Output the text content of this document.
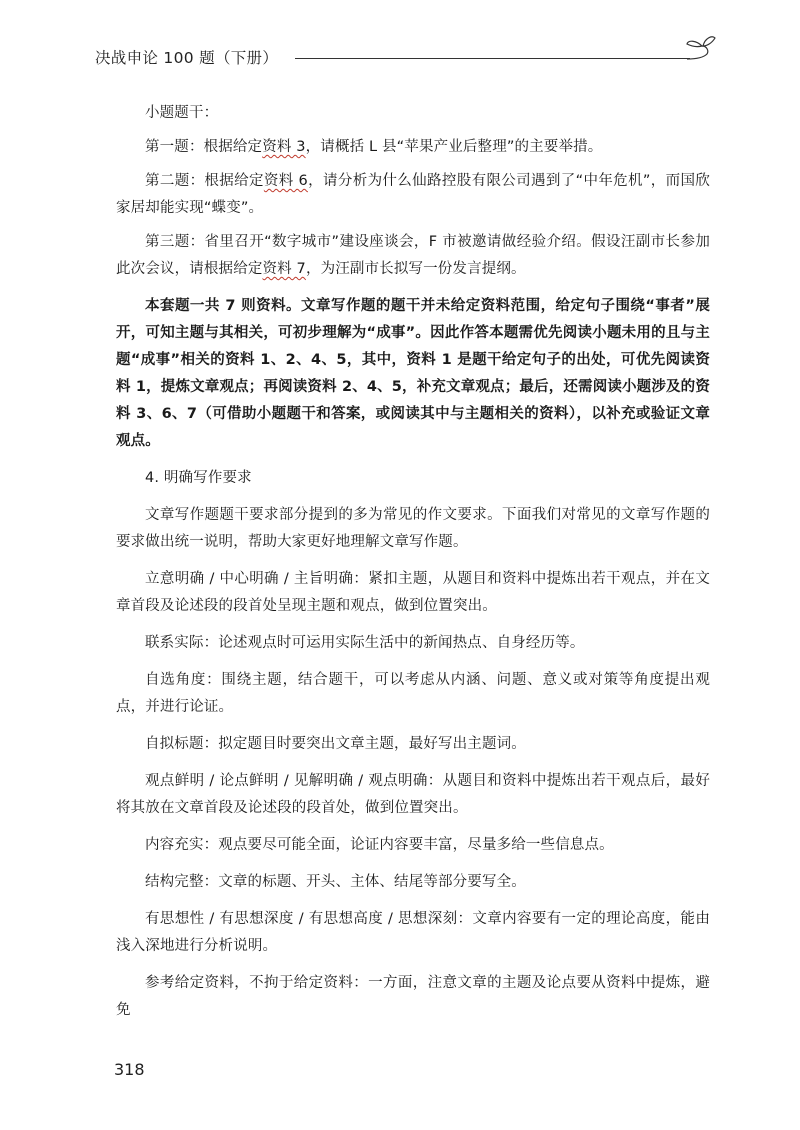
决战申论 100 题（下册）

小题题干：

第一题：根据给定资料 3，请概括 L 县“苹果产业后整理”的主要举措。

第二题：根据给定资料 6，请分析为什么仙路控股有限公司遇到了“中年危机”，而国欣家居却能实现“蝶变”。

第三题：省里召开“数字城市”建设座谈会，F 市被邀请做经验介绍。假设汪副市长参加此次会议，请根据给定资料 7，为汪副市长拟写一份发言提纲。

本套题一共 7 则资料。文章写作题的题干并未给定资料范围，给定句子围绕“事者”展开，可知主题与其相关，可初步理解为“成事”。因此作答本题需优先阅读小题未用的且与主题“成事”相关的资料 1、2、4、5，其中，资料 1 是题干给定句子的出处，可优先阅读资料 1，提炼文章观点；再阅读资料 2、4、5，补充文章观点；最后，还需阅读小题涉及的资料 3、6、7（可借助小题题干和答案，或阅读其中与主题相关的资料），以补充或验证文章观点。

4. 明确写作要求

文章写作题题干要求部分提到的多为常见的作文要求。下面我们对常见的文章写作题的要求做出统一说明，帮助大家更好地理解文章写作题。

立意明确 / 中心明确 / 主旨明确：紧扣主题，从题目和资料中提炼出若干观点，并在文章首段及论述段的段首处呈现主题和观点，做到位置突出。

联系实际：论述观点时可运用实际生活中的新闻热点、自身经历等。

自选角度：围绕主题，结合题干，可以考虑从内涵、问题、意义或对策等角度提出观点，并进行论证。

自拟标题：拟定题目时要突出文章主题，最好写出主题词。

观点鲜明 / 论点鲜明 / 见解明确 / 观点明确：从题目和资料中提炼出若干观点后，最好将其放在文章首段及论述段的段首处，做到位置突出。

内容充实：观点要尽可能全面，论证内容要丰富，尽量多给一些信息点。

结构完整：文章的标题、开头、主体、结尾等部分要写全。

有思想性 / 有思想深度 / 有思想高度 / 思想深刻：文章内容要有一定的理论高度，能由浅入深地进行分析说明。

参考给定资料，不拘于给定资料：一方面，注意文章的主题及论点要从资料中提炼，避免

318
